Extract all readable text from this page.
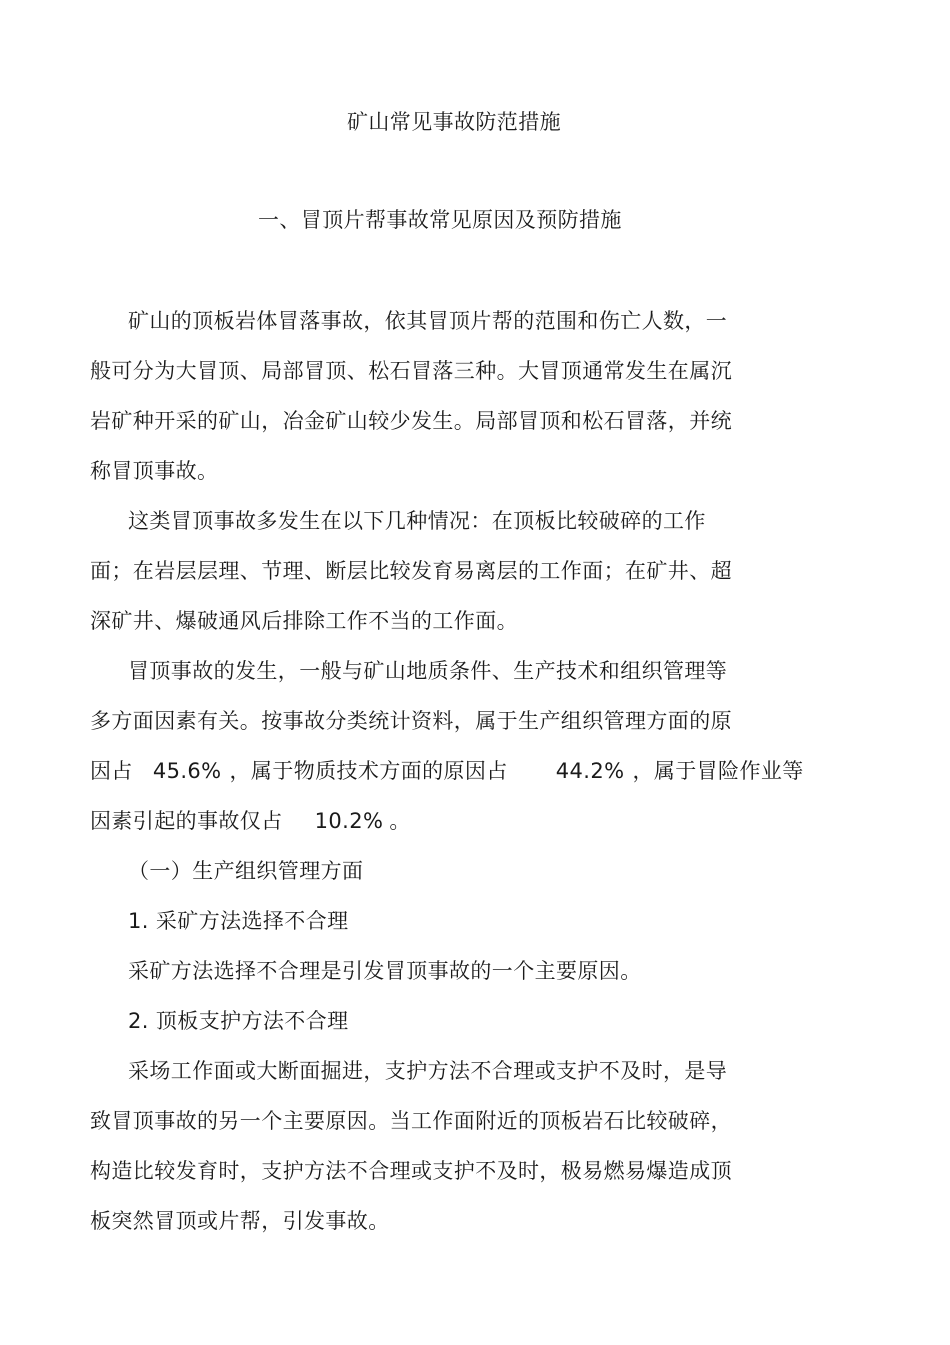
矿山常见事故防范措施
一、冒顶片帮事故常见原因及预防措施
矿山的顶板岩体冒落事故，依其冒顶片帮的范围和伤亡人数，一
般可分为大冒顶、局部冒顶、松石冒落三种。大冒顶通常发生在属沉
岩矿种开采的矿山，冶金矿山较少发生。局部冒顶和松石冒落，并统
称冒顶事故。
这类冒顶事故多发生在以下几种情况：在顶板比较破碎的工作
面；在岩层层理、节理、断层比较发育易离层的工作面；在矿井、超
深矿井、爆破通风后排除工作不当的工作面。
冒顶事故的发生，一般与矿山地质条件、生产技术和组织管理等
多方面因素有关。按事故分类统计资料，属于生产组织管理方面的原
因占 45.6% ，属于物质技术方面的原因占 44.2% ，属于冒险作业等
因素引起的事故仅占 10.2% 。
（一）生产组织管理方面
1. 采矿方法选择不合理
采矿方法选择不合理是引发冒顶事故的一个主要原因。
2. 顶板支护方法不合理
采场工作面或大断面掘进，支护方法不合理或支护不及时，是导
致冒顶事故的另一个主要原因。当工作面附近的顶板岩石比较破碎，
构造比较发育时，支护方法不合理或支护不及时，极易燃易爆造成顶
板突然冒顶或片帮，引发事故。
